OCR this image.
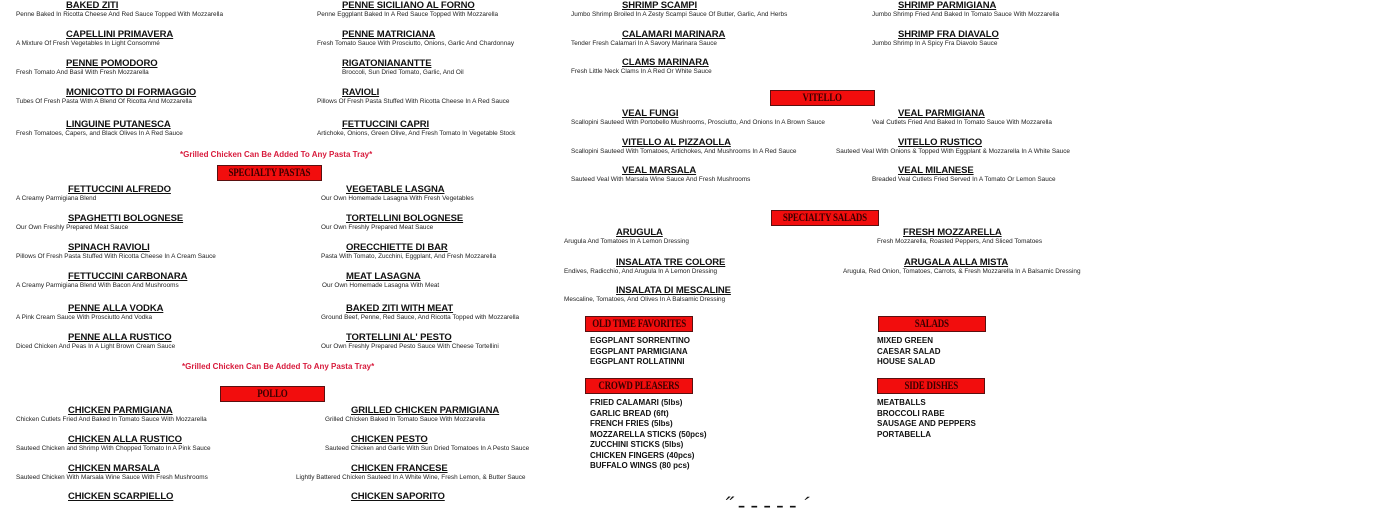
*Grilled Chicken Can Be Added To Any Pasta Tray*
*Grilled Chicken Can Be Added To Any Pasta Tray*
SPECIALTY PASTAS
POLLO
VITELLO
SPECIALTY SALADS
OLD TIME FAVORITES
CROWD PLEASERS
SALADS
SIDE DISHES
˝ ‐ ‐ ‐ ‐ ‐ ´
BAKED ZITI
Penne Baked In Ricotta Cheese And Red Sauce Topped With Mozzarella
PENNE SICILIANO AL FORNO
Penne Eggplant Baked In A Red Sauce Topped With Mozzarella
CAPELLINI PRIMAVERA
A Mixture Of Fresh Vegetables In Light Consommé
PENNE MATRICIANA
Fresh Tomato Sauce With Prosciutto, Onions, Garlic And Chardonnay
PENNE POMODORO
Fresh Tomato And Basil With Fresh Mozzarella
RIGATONIANANTTE
Broccoli, Sun Dried Tomato, Garlic, And Oil
MONICOTTO DI FORMAGGIO
Tubes Of Fresh Pasta With A Blend Of Ricotta And Mozzarella
RAVIOLI
Pillows Of Fresh Pasta Stuffed With Ricotta Cheese In A Red Sauce
LINGUINE PUTANESCA
Fresh Tomatoes, Capers, and Black Olives In A Red Sauce
FETTUCCINI CAPRI
Artichoke, Onions, Green Olive, And Fresh Tomato In Vegetable Stock
FETTUCCINI ALFREDO
A Creamy Parmigiana Blend
VEGETABLE LASGNA
Our Own Homemade Lasagna With Fresh Vegetables
SPAGHETTI BOLOGNESE
Our Own Freshly Prepared Meat Sauce
TORTELLINI BOLOGNESE
Our Own Freshly Prepared Meat Sauce
SPINACH RAVIOLI
Pillows Of Fresh Pasta Stuffed With Ricotta Cheese In A Cream Sauce
ORECCHIETTE DI BAR
Pasta With Tomato, Zucchini, Eggplant, And Fresh Mozzarella
FETTUCCINI CARBONARA
A Creamy Parmigiana Blend With Bacon And Mushrooms
MEAT LASAGNA
Our Own Homemade Lasagna With Meat
PENNE ALLA VODKA
A Pink Cream Sauce With Prosciutto And Vodka
BAKED ZITI WITH MEAT
Ground Beef, Penne, Red Sauce, And Ricotta Topped with Mozzarella
PENNE ALLA RUSTICO
Diced Chicken And Peas In A Light Brown Cream Sauce
TORTELLINI AL' PESTO
Our Own Freshly Prepared Pesto Sauce With Cheese Tortellini
CHICKEN PARMIGIANA
Chicken Cutlets Fried And Baked In Tomato Sauce With Mozzarella
GRILLED CHICKEN PARMIGIANA
Grilled Chicken Baked In Tomato Sauce With Mozzarella
CHICKEN ALLA RUSTICO
Sauteed Chicken and Shrimp With Chopped Tomato In A Pink Sauce
CHICKEN PESTO
Sauteed Chicken and Garlic With Sun Dried Tomatoes In A Pesto Sauce
CHICKEN MARSALA
Sauteed Chicken With Marsala Wine Sauce With Fresh Mushrooms
CHICKEN FRANCESE
Lightly Battered Chicken Sauteed In A White Wine, Fresh Lemon, & Butter Sauce
CHICKEN SCARPIELLO	CHICKEN SAPORITO
SHRIMP SCAMPI
Jumbo Shrimp Broiled In A Zesty Scampi Sauce Of Butter, Garlic, And Herbs
SHRIMP PARMIGIANA
Jumbo Shrimp Fried And Baked In Tomato Sauce With Mozzarella
CALAMARI MARINARA
Tender Fresh Calamari In A Savory Marinara Sauce
SHRIMP FRA DIAVALO
Jumbo Shrimp In A Spicy Fra Diavolo Sauce
CLAMS MARINARA
Fresh Little Neck Clams In A Red Or White Sauce
VEAL FUNGI
Scallopini Sauteed With Portobello Mushrooms, Prosciutto, And Onions In A Brown Sauce
VEAL PARMIGIANA
Veal Cutlets Fried And Baked In Tomato Sauce With Mozzarella
VITELLO AL PIZZAOLLA
Scallopini Sauteed With Tomatoes, Artichokes, And Mushrooms In A Red Sauce
VITELLO RUSTICO
Sauteed Veal With Onions & Topped With Eggplant & Mozzarella In A White Sauce
VEAL MARSALA
Sauteed Veal With Marsala Wine Sauce And Fresh Mushrooms
VEAL MILANESE
Breaded Veal Cutlets Fried Served In A Tomato Or Lemon Sauce
ARUGULA
Arugula And Tomatoes In A Lemon Dressing
FRESH MOZZARELLA
Fresh Mozzarella, Roasted Peppers, And Sliced Tomatoes
INSALATA TRE COLORE
Endives, Radicchio, And Arugula In A Lemon Dressing
ARUGALA ALLA MISTA
Arugula, Red Onion, Tomatoes, Carrots, & Fresh Mozzarella In A Balsamic Dressing
INSALATA DI MESCALINE
Mescaline, Tomatoes, And Olives In A Balsamic Dressing
EGGPLANT SORRENTINO
EGGPLANT PARMIGIANA
EGGPLANT ROLLATINNI
FRIED CALAMARI (5lbs)
GARLIC BREAD (6ft)
FRENCH FRIES (5lbs)
MOZZARELLA STICKS (50pcs)
ZUCCHINI STICKS (5lbs)
CHICKEN FINGERS (40pcs)
BUFFALO WINGS (80 pcs)
MIXED GREEN
CAESAR SALAD
HOUSE SALAD
MEATBALLS
BROCCOLI RABE
SAUSAGE AND PEPPERS
PORTABELLA
